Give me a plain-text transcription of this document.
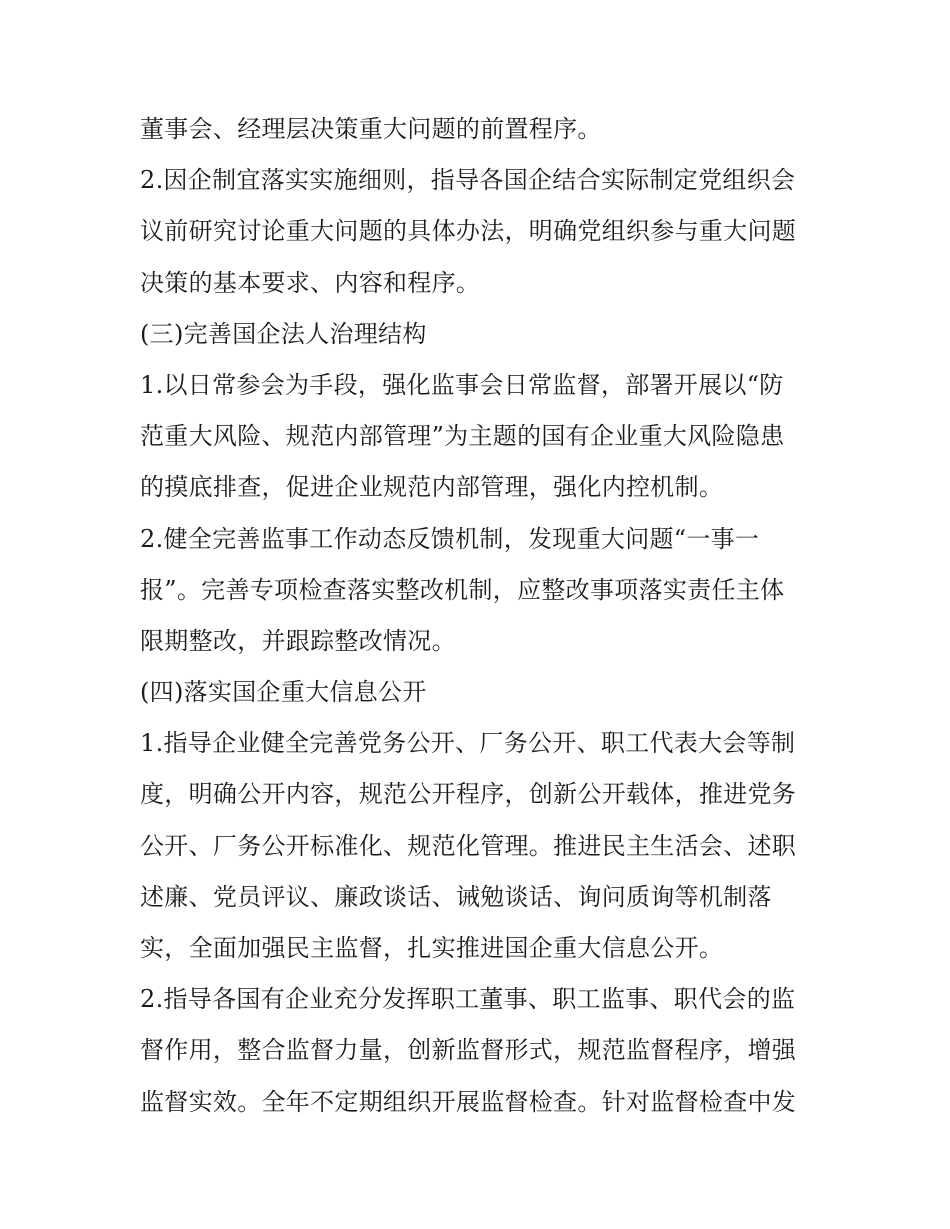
董事会、经理层决策重大问题的前置程序。
2.因企制宜落实实施细则，指导各国企结合实际制定党组织会
议前研究讨论重大问题的具体办法，明确党组织参与重大问题
决策的基本要求、内容和程序。
(三)完善国企法人治理结构
1.以日常参会为手段，强化监事会日常监督，部署开展以“防
范重大风险、规范内部管理”为主题的国有企业重大风险隐患
的摸底排查，促进企业规范内部管理，强化内控机制。
2.健全完善监事工作动态反馈机制，发现重大问题“一事一
报”。完善专项检查落实整改机制，应整改事项落实责任主体
限期整改，并跟踪整改情况。
(四)落实国企重大信息公开
1.指导企业健全完善党务公开、厂务公开、职工代表大会等制
度，明确公开内容，规范公开程序，创新公开载体，推进党务
公开、厂务公开标准化、规范化管理。推进民主生活会、述职
述廉、党员评议、廉政谈话、诫勉谈话、询问质询等机制落
实，全面加强民主监督，扎实推进国企重大信息公开。
2.指导各国有企业充分发挥职工董事、职工监事、职代会的监
督作用，整合监督力量，创新监督形式，规范监督程序，增强
监督实效。全年不定期组织开展监督检查。针对监督检查中发
